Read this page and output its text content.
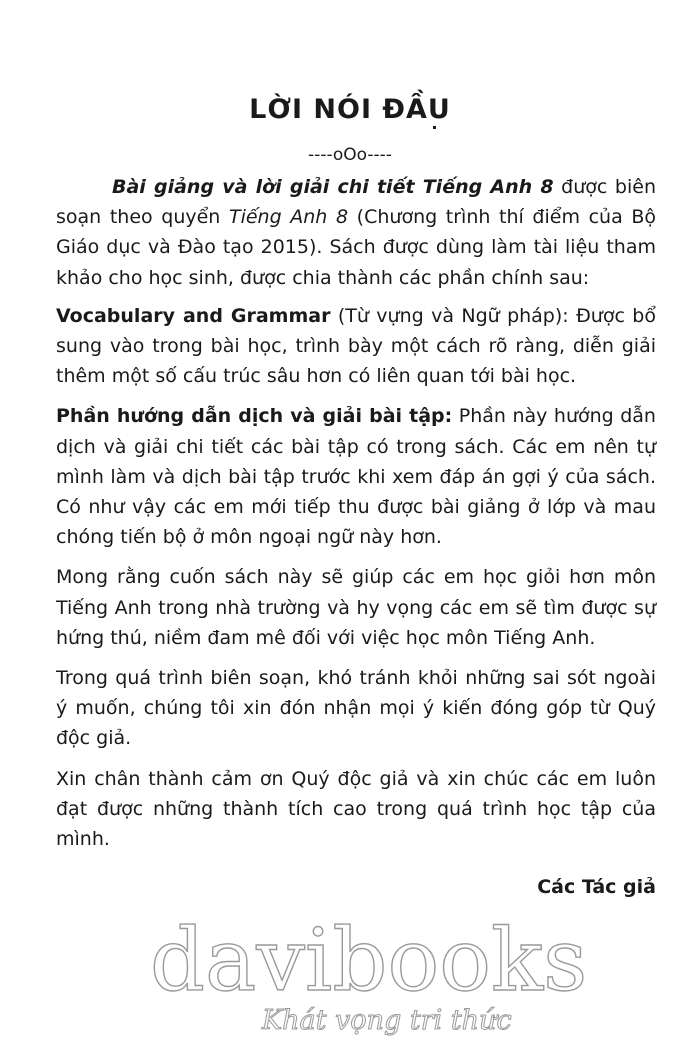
LỜI NÓI ĐẦU
----oOo----

Bài giảng và lời giải chi tiết Tiếng Anh 8 được biên soạn theo quyển Tiếng Anh 8 (Chương trình thí điểm của Bộ Giáo dục và Đào tạo 2015). Sách được dùng làm tài liệu tham khảo cho học sinh, được chia thành các phần chính sau:

Vocabulary and Grammar (Từ vựng và Ngữ pháp): Được bổ sung vào trong bài học, trình bày một cách rõ ràng, diễn giải thêm một số cấu trúc sâu hơn có liên quan tới bài học.

Phần hướng dẫn dịch và giải bài tập: Phần này hướng dẫn dịch và giải chi tiết các bài tập có trong sách. Các em nên tự mình làm và dịch bài tập trước khi xem đáp án gợi ý của sách. Có như vậy các em mới tiếp thu được bài giảng ở lớp và mau chóng tiến bộ ở môn ngoại ngữ này hơn.

Mong rằng cuốn sách này sẽ giúp các em học giỏi hơn môn Tiếng Anh trong nhà trường và hy vọng các em sẽ tìm được sự hứng thú, niềm đam mê đối với việc học môn Tiếng Anh.

Trong quá trình biên soạn, khó tránh khỏi những sai sót ngoài ý muốn, chúng tôi xin đón nhận mọi ý kiến đóng góp từ Quý độc giả.

Xin chân thành cảm ơn Quý độc giả và xin chúc các em luôn đạt được những thành tích cao trong quá trình học tập của mình.

Các Tác giả
davibooks
Khát vọng tri thức
